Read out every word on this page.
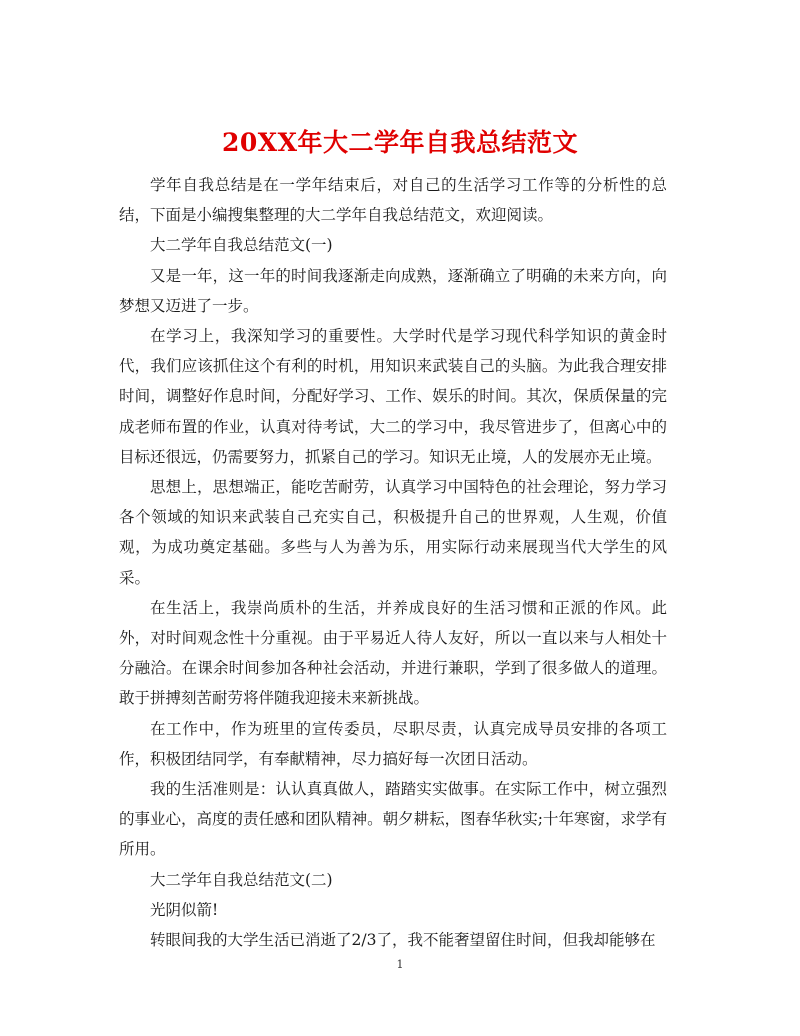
20XX年大二学年自我总结范文

学年自我总结是在一学年结束后，对自己的生活学习工作等的分析性的总结，下面是小编搜集整理的大二学年自我总结范文，欢迎阅读。

大二学年自我总结范文(一)

又是一年，这一年的时间我逐渐走向成熟，逐渐确立了明确的未来方向，向梦想又迈进了一步。

在学习上，我深知学习的重要性。大学时代是学习现代科学知识的黄金时代，我们应该抓住这个有利的时机，用知识来武装自己的头脑。为此我合理安排时间，调整好作息时间，分配好学习、工作、娱乐的时间。其次，保质保量的完成老师布置的作业，认真对待考试，大二的学习中，我尽管进步了，但离心中的目标还很远，仍需要努力，抓紧自己的学习。知识无止境，人的发展亦无止境。

思想上，思想端正，能吃苦耐劳，认真学习中国特色的社会理论，努力学习各个领域的知识来武装自己充实自己，积极提升自己的世界观，人生观，价值观，为成功奠定基础。多些与人为善为乐，用实际行动来展现当代大学生的风采。

在生活上，我崇尚质朴的生活，并养成良好的生活习惯和正派的作风。此外，对时间观念性十分重视。由于平易近人待人友好，所以一直以来与人相处十分融洽。在课余时间参加各种社会活动，并进行兼职，学到了很多做人的道理。敢于拼搏刻苦耐劳将伴随我迎接未来新挑战。

在工作中，作为班里的宣传委员，尽职尽责，认真完成导员安排的各项工作，积极团结同学，有奉献精神，尽力搞好每一次团日活动。

我的生活准则是：认认真真做人，踏踏实实做事。在实际工作中，树立强烈的事业心，高度的责任感和团队精神。朝夕耕耘，图春华秋实;十年寒窗，求学有所用。

大二学年自我总结范文(二)

光阴似箭!

转眼间我的大学生活已消逝了2/3了，我不能奢望留住时间，但我却能够在

1
